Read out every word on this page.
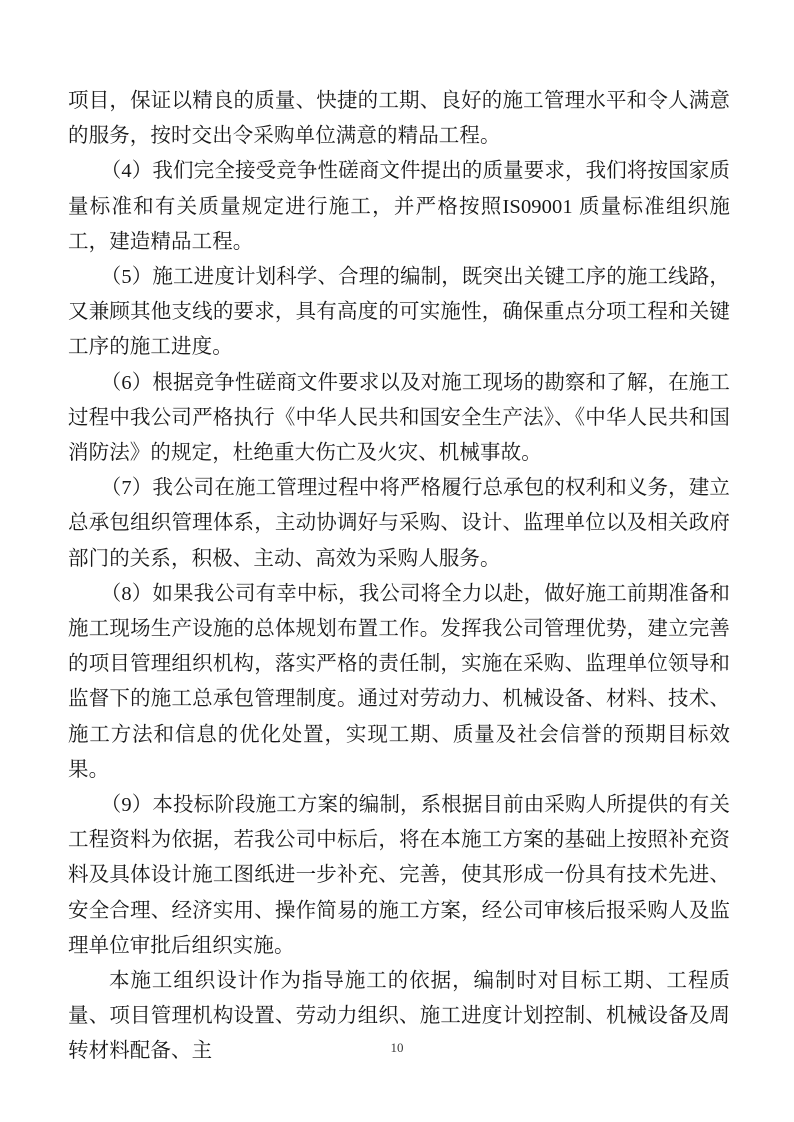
项目，保证以精良的质量、快捷的工期、良好的施工管理水平和令人满意的服务，按时交出令采购单位满意的精品工程。

（4）我们完全接受竞争性磋商文件提出的质量要求，我们将按国家质量标准和有关质量规定进行施工，并严格按照IS09001 质量标准组织施工，建造精品工程。

（5）施工进度计划科学、合理的编制，既突出关键工序的施工线路，又兼顾其他支线的要求，具有高度的可实施性，确保重点分项工程和关键工序的施工进度。

（6）根据竞争性磋商文件要求以及对施工现场的勘察和了解，在施工过程中我公司严格执行《中华人民共和国安全生产法》、《中华人民共和国消防法》的规定，杜绝重大伤亡及火灾、机械事故。

（7）我公司在施工管理过程中将严格履行总承包的权利和义务，建立总承包组织管理体系，主动协调好与采购、设计、监理单位以及相关政府部门的关系，积极、主动、高效为采购人服务。

（8）如果我公司有幸中标，我公司将全力以赴，做好施工前期准备和施工现场生产设施的总体规划布置工作。发挥我公司管理优势，建立完善的项目管理组织机构，落实严格的责任制，实施在采购、监理单位领导和监督下的施工总承包管理制度。通过对劳动力、机械设备、材料、技术、施工方法和信息的优化处置，实现工期、质量及社会信誉的预期目标效果。

（9）本投标阶段施工方案的编制，系根据目前由采购人所提供的有关工程资料为依据，若我公司中标后，将在本施工方案的基础上按照补充资料及具体设计施工图纸进一步补充、完善，使其形成一份具有技术先进、安全合理、经济实用、操作简易的施工方案，经公司审核后报采购人及监理单位审批后组织实施。

本施工组织设计作为指导施工的依据，编制时对目标工期、工程质量、项目管理机构设置、劳动力组织、施工进度计划控制、机械设备及周转材料配备、主	10
